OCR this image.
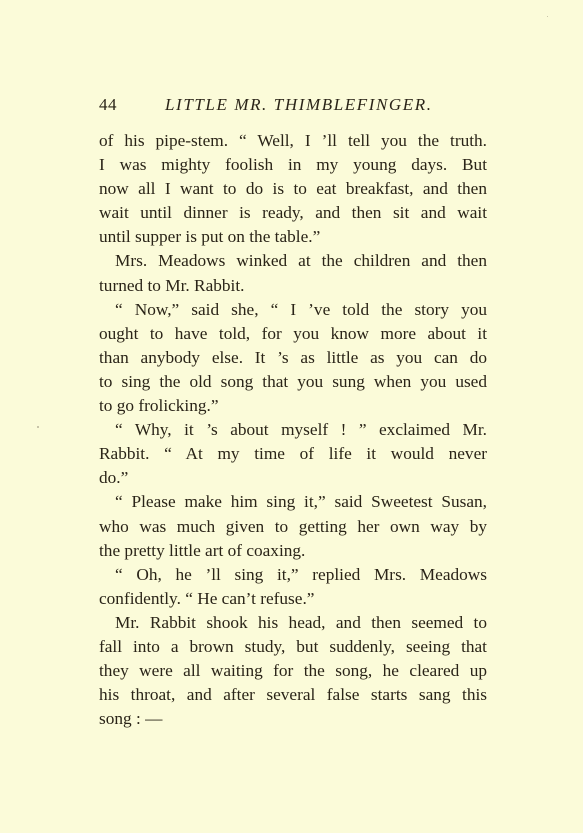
44	LITTLE MR. THIMBLEFINGER.
of his pipe-stem. “ Well, I ’ll tell you the truth.
I was mighty foolish in my young days. But
now all I want to do is to eat breakfast, and then
wait until dinner is ready, and then sit and wait
until supper is put on the table.”
Mrs. Meadows winked at the children and then
turned to Mr. Rabbit.
“ Now,” said she, “ I ’ve told the story you
ought to have told, for you know more about it
than anybody else. It ’s as little as you can do
to sing the old song that you sung when you used
to go frolicking.”
“ Why, it ’s about myself ! ” exclaimed Mr.
Rabbit. “ At my time of life it would never
do.”
“ Please make him sing it,” said Sweetest Susan,
who was much given to getting her own way by
the pretty little art of coaxing.
“ Oh, he ’ll sing it,” replied Mrs. Meadows
confidently. “ He can’t refuse.”
Mr. Rabbit shook his head, and then seemed to
fall into a brown study, but suddenly, seeing that
they were all waiting for the song, he cleared up
his throat, and after several false starts sang this
song : —
